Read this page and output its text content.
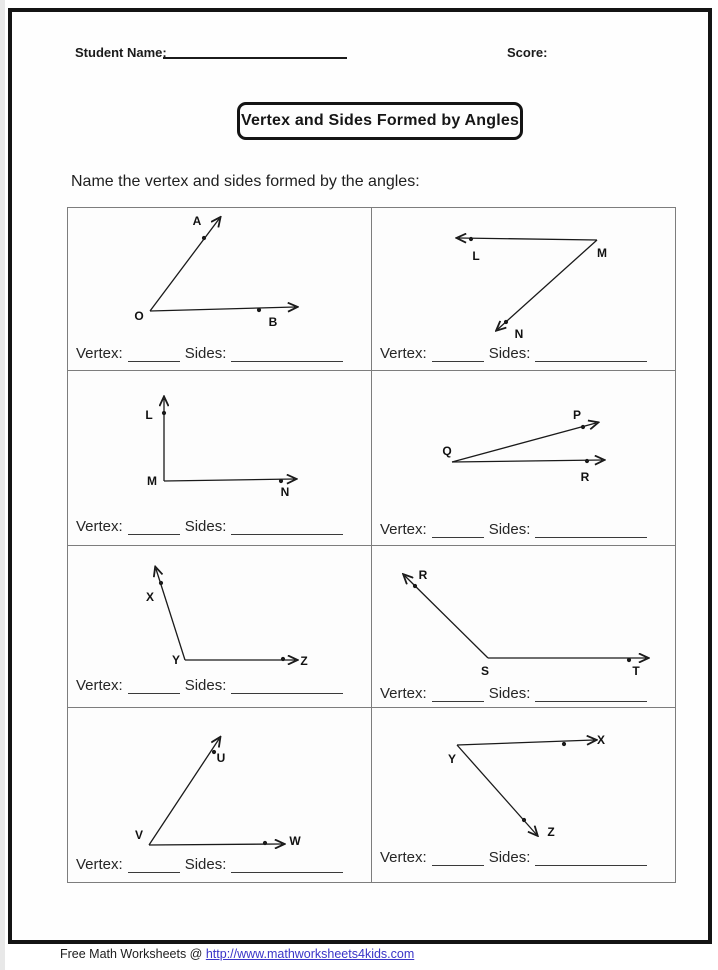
Student Name:	Score:
Vertex and Sides Formed by Angles
Name the vertex and sides formed by the angles:
A
B
O
Vertex:	Sides:
L
N
M
Vertex:	Sides:
L
N
M
Vertex:	Sides:
P
R
Q
Vertex:	Sides:
X
Z
Y
Vertex:	Sides:
R
T
S
Vertex:	Sides:
U
W
V
Vertex:	Sides:
X
Z
Y
Vertex:	Sides:
Free Math Worksheets @ http://www.mathworksheets4kids.com
